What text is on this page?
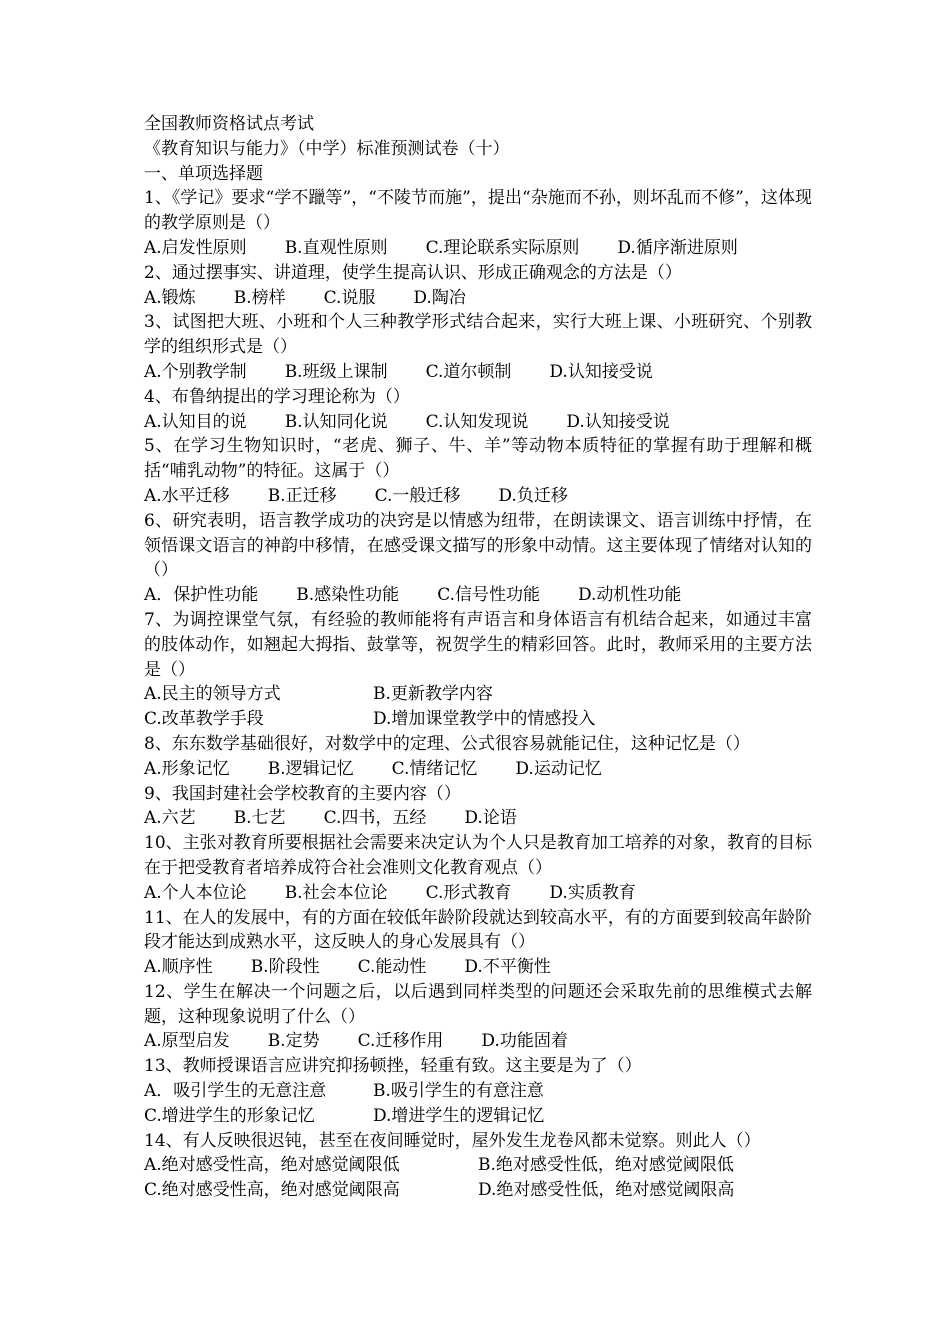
全国教师资格试点考试
《教育知识与能力》（中学）标准预测试卷（十）
一、单项选择题
1、《学记》要求“学不躐等”，“不陵节而施”，提出“杂施而不孙，则坏乱而不修”，这体现的教学原则是（）
A.启发性原则 B.直观性原则 C.理论联系实际原则 D.循序渐进原则
2、通过摆事实、讲道理，使学生提高认识、形成正确观念的方法是（）
A.锻炼 B.榜样 C.说服 D.陶冶
3、试图把大班、小班和个人三种教学形式结合起来，实行大班上课、小班研究、个别教学的组织形式是（）
A.个别教学制 B.班级上课制 C.道尔顿制 D.认知接受说
4、布鲁纳提出的学习理论称为（）
A.认知目的说 B.认知同化说 C.认知发现说 D.认知接受说
5、在学习生物知识时，“老虎、狮子、牛、羊”等动物本质特征的掌握有助于理解和概括“哺乳动物”的特征。这属于（）
A.水平迁移 B.正迁移 C.一般迁移 D.负迁移
6、研究表明，语言教学成功的决窍是以情感为纽带，在朗读课文、语言训练中抒情，在领悟课文语言的神韵中移情，在感受课文描写的形象中动情。这主要体现了情绪对认知的（）
A．保护性功能 B.感染性功能 C.信号性功能 D.动机性功能
7、为调控课堂气氛，有经验的教师能将有声语言和身体语言有机结合起来，如通过丰富的肢体动作，如翘起大拇指、鼓掌等，祝贺学生的精彩回答。此时，教师采用的主要方法是（）
A.民主的领导方式	B.更新教学内容
C.改革教学手段	D.增加课堂教学中的情感投入
8、东东数学基础很好，对数学中的定理、公式很容易就能记住，这种记忆是（）
A.形象记忆 B.逻辑记忆 C.情绪记忆 D.运动记忆
9、我国封建社会学校教育的主要内容（）
A.六艺 B.七艺 C.四书，五经 D.论语
10、主张对教育所要根据社会需要来决定认为个人只是教育加工培养的对象，教育的目标在于把受教育者培养成符合社会准则文化教育观点（）
A.个人本位论 B.社会本位论 C.形式教育 D.实质教育
11、在人的发展中，有的方面在较低年龄阶段就达到较高水平，有的方面要到较高年龄阶段才能达到成熟水平，这反映人的身心发展具有（）
A.顺序性 B.阶段性 C.能动性 D.不平衡性
12、学生在解决一个问题之后，以后遇到同样类型的问题还会采取先前的思维模式去解题，这种现象说明了什么（）
A.原型启发 B.定势 C.迁移作用 D.功能固着
13、教师授课语言应讲究抑扬顿挫，轻重有致。这主要是为了（）
A．吸引学生的无意注意	B.吸引学生的有意注意
C.增进学生的形象记忆	D.增进学生的逻辑记忆
14、有人反映很迟钝，甚至在夜间睡觉时，屋外发生龙卷风都未觉察。则此人（）
A.绝对感受性高，绝对感觉阈限低	B.绝对感受性低，绝对感觉阈限低
C.绝对感受性高，绝对感觉阈限高	D.绝对感受性低，绝对感觉阈限高
